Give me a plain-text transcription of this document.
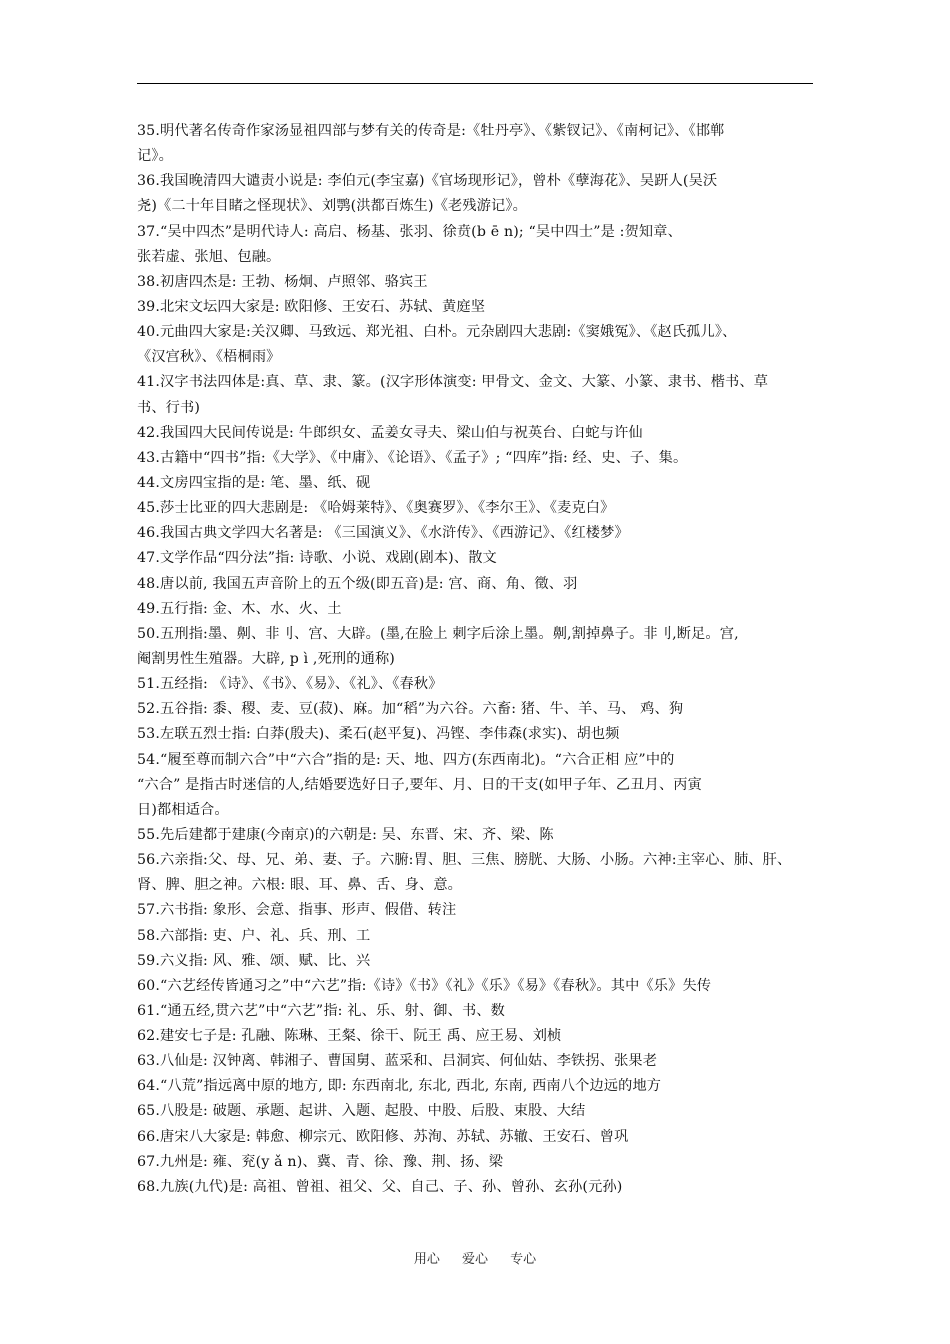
35.明代著名传奇作家汤显祖四部与梦有关的传奇是:《牡丹亭》、《紫钗记》、《南柯记》、《邯郸
记》。
36.我国晚清四大谴责小说是: 李伯元(李宝嘉)《官场现形记》，曾朴《孽海花》、吴趼人(吴沃
尧)《二十年目睹之怪现状》、刘鹗(洪都百炼生)《老残游记》。
37.“吴中四杰”是明代诗人: 高启、杨基、张羽、徐贲(b ē n); “吴中四士”是 :贺知章、
张若虚、张旭、包融。
38.初唐四杰是: 王勃、杨炯、卢照邻、骆宾王
39.北宋文坛四大家是: 欧阳修、王安石、苏轼、黄庭坚
40.元曲四大家是:关汉卿、马致远、郑光祖、白朴。元杂剧四大悲剧:《窦娥冤》、《赵氏孤儿》、
《汉宫秋》、《梧桐雨》
41.汉字书法四体是:真、草、隶、篆。(汉字形体演变: 甲骨文、金文、大篆、小篆、隶书、楷书、草
书、行书)
42.我国四大民间传说是: 牛郎织女、孟姜女寻夫、梁山伯与祝英台、白蛇与许仙
43.古籍中“四书”指:《大学》、《中庸》、《论语》、《孟子》; “四库”指: 经、史、子、集。
44.文房四宝指的是: 笔、墨、纸、砚
45.莎士比亚的四大悲剧是: 《哈姆莱特》、《奥赛罗》、《李尔王》、《麦克白》
46.我国古典文学四大名著是: 《三国演义》、《水浒传》、《西游记》、《红楼梦》
47.文学作品“四分法”指: 诗歌、小说、戏剧(剧本)、散文
48.唐以前, 我国五声音阶上的五个级(即五音)是: 宫、商、角、徵、羽
49.五行指: 金、木、水、火、土
50.五刑指:墨、劓、非刂、宫、大辟。(墨,在脸上 刺字后涂上墨。劓,割掉鼻子。非刂,断足。宫,
阉割男性生殖器。大辟, p ì ,死刑的通称)
51.五经指: 《诗》、《书》、《易》、《礼》、《春秋》
52.五谷指: 黍、稷、麦、豆(菽)、麻。加“稻”为六谷。六畜: 猪、牛、羊、马、 鸡、狗
53.左联五烈士指: 白莽(殷夫)、柔石(赵平复)、冯铿、李伟森(求实)、胡也频
54.“履至尊而制六合”中“六合”指的是: 天、地、四方(东西南北)。“六合正相 应”中的
“六合” 是指古时迷信的人,结婚要选好日子,要年、月、日的干支(如甲子年、乙丑月、丙寅
日)都相适合。
55.先后建都于建康(今南京)的六朝是: 吴、东晋、宋、齐、梁、陈
56.六亲指:父、母、兄、弟、妻、子。六腑:胃、胆、三焦、膀胱、大肠、小肠。六神:主宰心、肺、肝、
肾、脾、胆之神。六根: 眼、耳、鼻、舌、身、意。
57.六书指: 象形、会意、指事、形声、假借、转注
58.六部指: 吏、户、礼、兵、刑、工
59.六义指: 风、雅、颂、赋、比、兴
60.“六艺经传皆通习之”中“六艺”指:《诗》《书》《礼》《乐》《易》《春秋》。其中《乐》失传
61.“通五经,贯六艺”中“六艺”指: 礼、乐、射、御、书、数
62.建安七子是: 孔融、陈琳、王粲、徐干、阮王 禹、应王易、刘桢
63.八仙是: 汉钟离、韩湘子、曹国舅、蓝采和、吕洞宾、何仙姑、李铁拐、张果老
64.“八荒”指远离中原的地方, 即: 东西南北, 东北, 西北, 东南, 西南八个边远的地方
65.八股是: 破题、承题、起讲、入题、起股、中股、后股、束股、大结
66.唐宋八大家是: 韩愈、柳宗元、欧阳修、苏洵、苏轼、苏辙、王安石、曾巩
67.九州是: 雍、兖(y ǎ n)、冀、青、徐、豫、荆、扬、梁
68.九族(九代)是: 高祖、曾祖、祖父、父、自己、子、孙、曾孙、玄孙(元孙)
用心 爱心 专心
